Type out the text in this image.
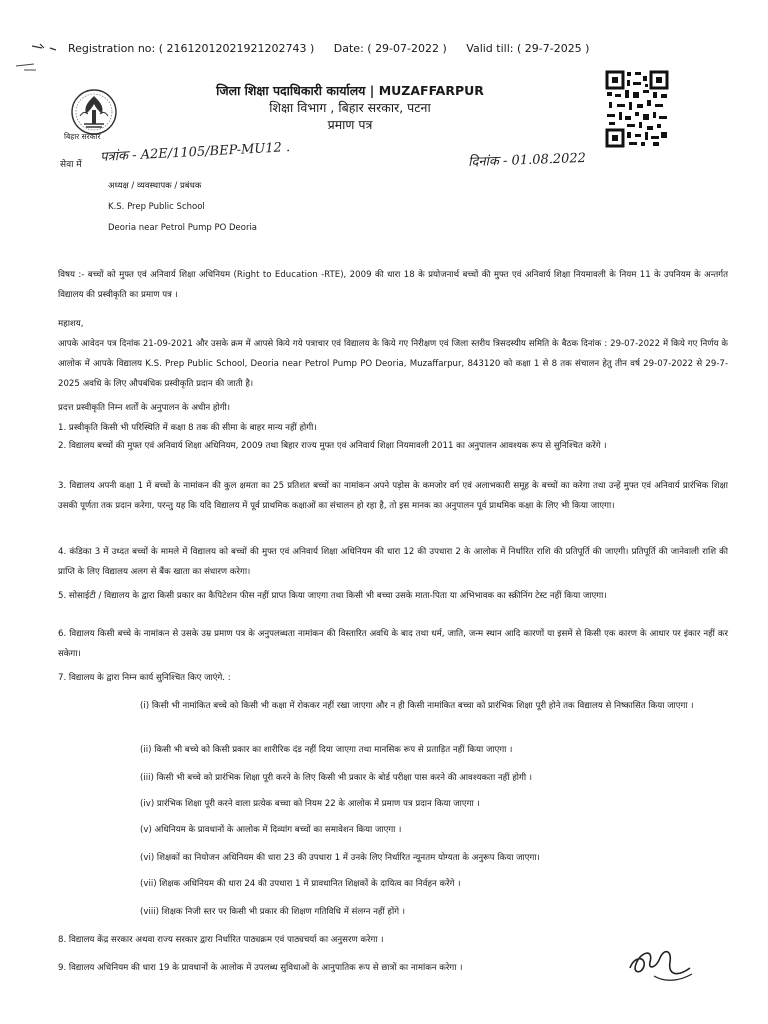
Registration no: ( 21612012021921202743 ) Date: ( 29-07-2022 ) Valid till: ( 29-7-2025 )
बिहार सरकार
जिला शिक्षा पदाधिकारी कार्यालय | MUZAFFARPUR
शिक्षा विभाग , बिहार सरकार, पटना
प्रमाण पत्र
पत्रांक - A2E/1105/BEP-MU12 .	दिनांक - 01.08.2022
सेवा में
अध्यक्ष / व्यवस्थापक / प्रबंधक
K.S. Prep Public School
Deoria near Petrol Pump PO Deoria
विषय :- बच्चों को मुफ्त एवं अनिवार्य शिक्षा अधिनियम (Right to Education -RTE), 2009 की धारा 18 के प्रयोजनार्थ बच्चों की मुफ्त एवं अनिवार्य शिक्षा नियमावली के नियम 11 के उपनियम के अन्तर्गत विद्यालय की प्रस्वीकृति का प्रमाण पत्र ।
महाशय,
आपके आवेदन पत्र दिनांक 21-09-2021 और उसके क्रम में आपसे किये गये पत्राचार एवं विद्यालय के किये गए निरीक्षण एवं जिला स्तरीय त्रिसदस्यीय समिति के बैठक दिनांक : 29-07-2022 में किये गए निर्णय के आलोक में आपके विद्यालय K.S. Prep Public School, Deoria near Petrol Pump PO Deoria, Muzaffarpur, 843120 को कक्षा 1 से 8 तक संचालन हेतु तीन वर्ष 29-07-2022 से 29-7-2025 अवधि के लिए औपबंधिक प्रस्वीकृति प्रदान की जाती है।
प्रदत्त प्रस्वीकृति निम्न शर्तों के अनुपालन के अधीन होगी।
1. प्रस्वीकृति किसी भी परिस्थिति में कक्षा 8 तक की सीमा के बाहर मान्य नहीं होगी।
2. विद्यालय बच्चों की मुफ्त एवं अनिवार्य शिक्षा अधिनियम, 2009 तथा बिहार राज्य मुफ्त एवं अनिवार्य शिक्षा नियमावली 2011 का अनुपालन आवश्यक रूप से सुनिश्चित करेंगे ।
3. विद्यालय अपनी कक्षा 1 में बच्चों के नामांकन की कुल क्षमता का 25 प्रतिशत बच्चों का नामांकन अपने पड़ोस के कमजोर वर्ग एवं अलाभकारी समूह के बच्चों का करेगा तथा उन्हें मुफ्त एवं अनिवार्य प्रारंभिक शिक्षा उसकी पूर्णता तक प्रदान करेगा, परन्तु यह कि यदि विद्यालय में पूर्व प्राथमिक कक्षाओं का संचालन हो रहा है, तो इस मानक का अनुपालन पूर्व प्राथमिक कक्षा के लिए भी किया जाएगा।
4. कंडिका 3 में उध्दत बच्चों के मामले में विद्यालय को बच्चों की मुफ्त एवं अनिवार्य शिक्षा अधिनियम की धारा 12 की उपधारा 2 के आलोक में निर्धारित राशि की प्रतिपूर्ति की जाएगी। प्रतिपूर्ति की जानेवाली राशि की प्राप्ति के लिए विद्यालय अलग से बैंक खाता का संधारण करेगा।
5. सोसाईटी / विद्यालय के द्वारा किसी प्रकार का कैपिटेशन फीस नहीं प्राप्त किया जाएगा तथा किसी भी बच्चा उसके माता-पिता या अभिभावक का स्क्रीनिंग टेस्ट नहीं किया जाएगा।
6. विद्यालय किसी बच्चे के नामांकन से उसके उम्र प्रमाण पत्र के अनुपलब्धता नामांकन की विस्तारित अवधि के बाद तथा धर्म, जाति, जन्म स्थान आदि कारणों या इसमें से किसी एक कारण के आधार पर इंकार नहीं कर सकेगा।
7. विद्यालय के द्वारा निम्न कार्य सुनिश्चित किए जाएंगे. :
(i) किसी भी नामांकित बच्चे को किसी भी कक्षा में रोककर नहीं रखा जाएगा और न ही किसी नामांकित बच्चा को प्रारंभिक शिक्षा पूरी होने तक विद्यालय से निष्कासित किया जाएगा ।
(ii) किसी भी बच्चे को किसी प्रकार का शारीरिक दंड नहीं दिया जाएगा तथा मानसिक रूप से प्रताड़ित नहीं किया जाएगा ।
(iii) किसी भी बच्चे को प्रारंभिक शिक्षा पूरी करने के लिए किसी भी प्रकार के बोर्ड परीक्षा पास करने की आवश्यकता नहीं होगी ।
(iv) प्रारंभिक शिक्षा पूरी करने वाला प्रत्येक बच्चा को नियम 22 के आलोक में प्रमाण पत्र प्रदान किया जाएगा ।
(v) अधिनियम के प्रावधानों के आलोक में दिव्यांग बच्चों का समावेशन किया जाएगा ।
(vi) शिक्षकों का नियोजन अधिनियम की धारा 23 की उपधारा 1 में उनके लिए निर्धारित न्यूनतम योग्यता के अनुरूप किया जाएगा।
(vii) शिक्षक अधिनियम की धारा 24 की उपधारा 1 में प्रावधानित शिक्षकों के दायित्व का निर्वहन करेंगे ।
(viii) शिक्षक निजी स्तर पर किसी भी प्रकार की शिक्षण गतिविधि में संलग्न नहीं होंगे ।
8. विद्यालय केंद्र सरकार अथवा राज्य सरकार द्वारा निर्धारित पाठ्यक्रम एवं पाठ्यचर्या का अनुसरण करेगा ।
9. विद्यालय अधिनियम की धारा 19 के प्रावधानों के आलोक में उपलब्ध सुविधाओं के आनुपातिक रूप से छात्रों का नामांकन करेगा ।
